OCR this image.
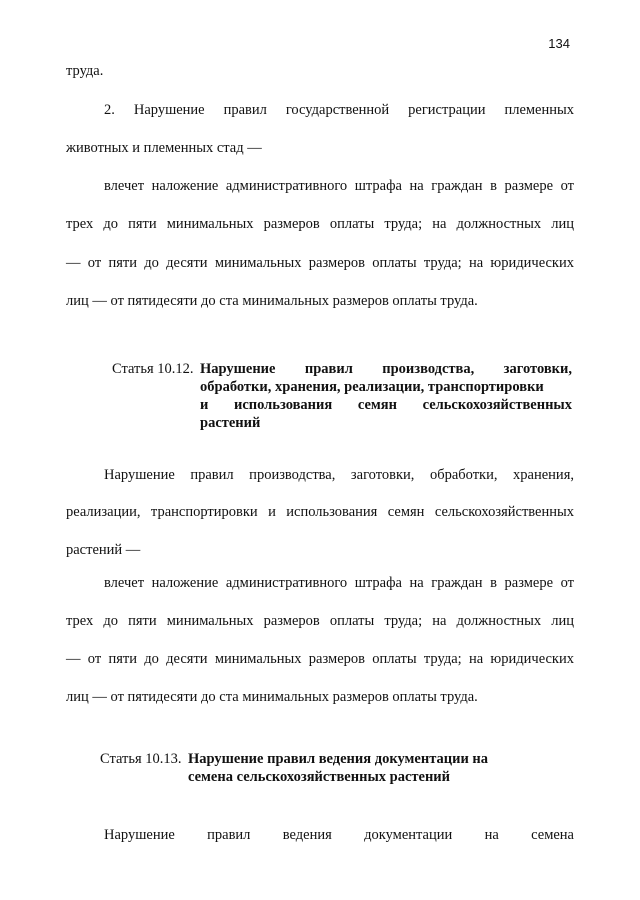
134
труда.
2. Нарушение правил государственной регистрации племенных
животных и племенных стад —
влечет наложение административного штрафа на граждан в размере от
трех до пяти минимальных размеров оплаты труда; на должностных лиц
— от пяти до десяти минимальных размеров оплаты труда; на юридических
лиц — от пятидесяти до ста минимальных размеров оплаты труда.
Статья 10.12. Нарушение правил производства, заготовки,
обработки, хранения, реализации, транспортировки
и использования семян сельскохозяйственных
растений
Нарушение правил производства, заготовки, обработки, хранения,
реализации, транспортировки и использования семян сельскохозяйственных
растений —
влечет наложение административного штрафа на граждан в размере от
трех до пяти минимальных размеров оплаты труда; на должностных лиц
— от пяти до десяти минимальных размеров оплаты труда; на юридических
лиц — от пятидесяти до ста минимальных размеров оплаты труда.
Статья 10.13. Нарушение правил ведения документации на
семена сельскохозяйственных растений
Нарушение правил ведения документации на семена
